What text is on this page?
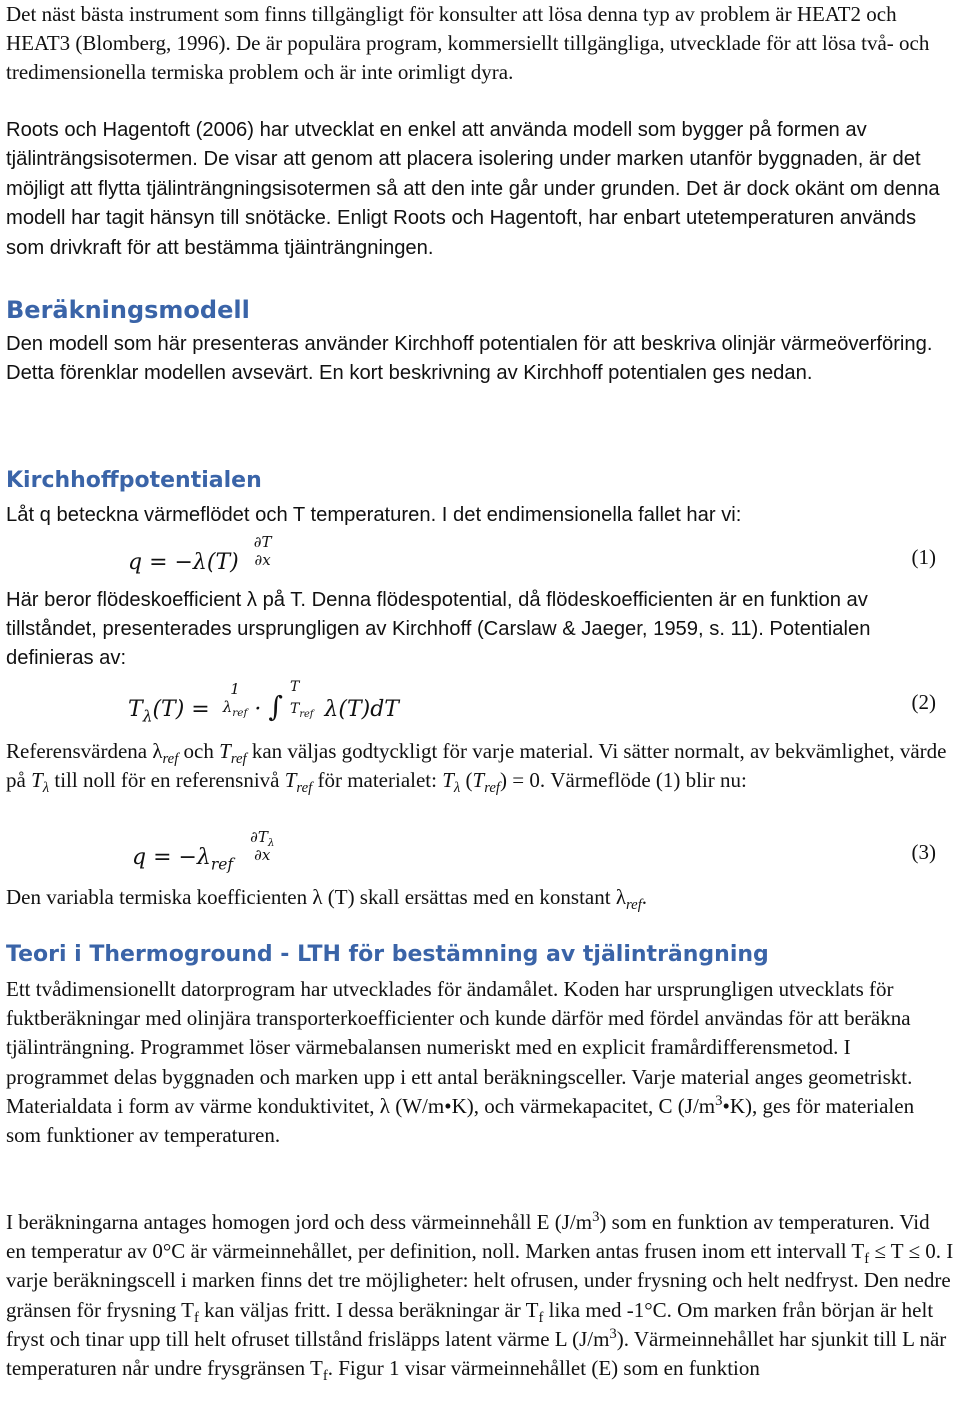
Det näst bästa instrument som finns tillgängligt för konsulter att lösa denna typ av problem är HEAT2 och HEAT3 (Blomberg, 1996). De är populära program, kommersiellt tillgängliga, utvecklade för att lösa två- och tredimensionella termiska problem och är inte orimligt dyra.

Roots och Hagentoft (2006) har utvecklat en enkel att använda modell som bygger på formen av tjälinträngsisotermen. De visar att genom att placera isolering under marken utanför byggnaden, är det möjligt att flytta tjälinträngningsisotermen så att den inte går under grunden. Det är dock okänt om denna modell har tagit hänsyn till snötäcke. Enligt Roots och Hagentoft, har enbart utetemperaturen används som drivkraft för att bestämma tjäinträngningen.

Beräkningsmodell

Den modell som här presenteras använder Kirchhoff potentialen för att beskriva olinjär värmeöverföring. Detta förenklar modellen avsevärt. En kort beskrivning av Kirchhoff potentialen ges nedan.

Kirchhoffpotentialen

Låt q beteckna värmeflödet och T temperaturen. I det endimensionella fallet har vi:

q = −λ(T)
∂T
∂x	(1)

Här beror flödeskoefficient λ på T. Denna flödespotential, då flödeskoefficienten är en funktion av tillståndet, presenterades ursprungligen av Kirchhoff (Carslaw & Jaeger, 1959, s. 11). Potentialen definieras av:

$T_\lambda(T)$ =
1
$\lambda_{ref}$ · ∫
T
$T_{ref}$ λ(T)dT	(2)

Referensvärdena $\lambda_{ref}$ och $T_{ref}$ kan väljas godtyckligt för varje material. Vi sätter normalt, av bekvämlighet, värde på $T_\lambda$ till noll för en referensnivå $T_{ref}$ för materialet: $T_\lambda$ $(T_{ref}) = 0$. Värmeflöde (1) blir nu:

$q = -\lambda_{ref}$
$\partial T_\lambda$
∂x	(3)

Den variabla termiska koefficienten λ (T) skall ersättas med en konstant $\lambda_{ref}$.

Teori i Thermoground - LTH för bestämning av tjälinträngning

Ett tvådimensionellt datorprogram har utvecklades för ändamålet. Koden har ursprungligen utvecklats för fuktberäkningar med olinjära transporterkoefficienter och kunde därför med fördel användas för att beräkna tjälinträngning. Programmet löser värmebalansen numeriskt med en explicit framårdifferensmetod. I programmet delas byggnaden och marken upp i ett antal beräkningsceller. Varje material anges geometriskt. Materialdata i form av värme konduktivitet, λ (W/m•K), och värmekapacitet, C $(J/m^3•K)$, ges för materialen som funktioner av temperaturen.

I beräkningarna antages homogen jord och dess värmeinnehåll E $(J/m^3)$ som en funktion av temperaturen. Vid en temperatur av 0°C är värmeinnehållet, per definition, noll. Marken antas frusen inom ett intervall $T_f \le T \le 0$. I varje beräkningscell i marken finns det tre möjligheter: helt ofrusen, under frysning och helt nedfryst. Den nedre gränsen för frysning $T_f$ kan väljas fritt. I dessa beräkningar är $T_f$ lika med -1°C. Om marken från början är helt fryst och tinar upp till helt ofruset tillstånd frisläpps latent värme L $(J/m^3)$. Värmeinnehållet har sjunkit till L när temperaturen når undre frysgränsen $T_f$. Figur 1 visar värmeinnehållet (E) som en funktion
